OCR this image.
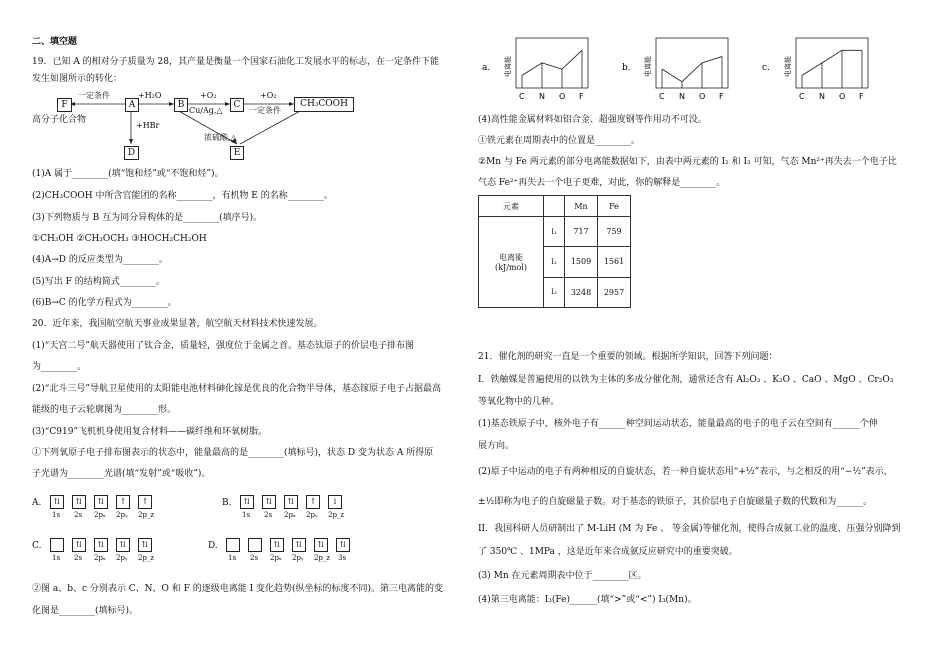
二、填空题
19．已知 A 的相对分子质量为 28，其产量是衡量一个国家石油化工发展水平的标志，在一定条件下能
发生如图所示的转化：
F	A	B	C	CH₃COOH
D	E
一定条件	+H₂O	+O₂
Cu/Ag,△
+O₂
一定条件
+HBr
浓硫酸,△
高分子化合物
(1)A 属于________(填“饱和烃”或“不饱和烃”)。
(2)CH₃COOH 中所含官能团的名称________，有机物 E 的名称________。
(3)下列物质与 B 互为同分异构体的是________(填序号)。
①CH₃OH ②CH₃OCH₃ ③HOCH₂CH₂OH
(4)A→D 的反应类型为________。
(5)写出 F 的结构简式________。
(6)B→C 的化学方程式为________。
20．近年来，我国航空航天事业成果显著，航空航天材料技术快速发展。
(1)“天宫二号”航天器使用了钛合金，质量轻，强度位于金属之首。基态钛原子的价层电子排布图
为________。
(2)“北斗三号”导航卫星使用的太阳能电池材料砷化镓是优良的化合物半导体，基态镓原子电子占据最高
能级的电子云轮廓图为________形。
(3)“C919”飞机机身使用复合材料——碳纤维和环氧树脂。
①下列氧原子电子排布图表示的状态中，能量最高的是________(填标号)，状态 D 变为状态 A 所得原
子光谱为________光谱(填“发射”或“吸收”)。
A.	⇅	⇅	⇅	↑	↑
1s 2s 2pₓ 2pᵧ 2p_z
B.	⇅	⇅	⇅	↑	↓
1s 2s 2pₓ 2pᵧ 2p_z
C.	⇅	⇅	⇅	⇅
1s 2s 2pₓ 2pᵧ 2p_z
D.	⇅	⇅	⇅	⇅
1s 2s 2pₓ 2pᵧ 2p_z 3s
②图 a、b、c 分别表示 C、N、O 和 F 的逐级电离能 I 变化趋势(纵坐标的标度不同)。第三电离能的变
化图是________(填标号)。
a. 电离能
C N O F
b. 电离能
C N O F
c. 电离能
C N O F
(4)高性能金属材料如铝合金、超强度钢等作用功不可没。
①铁元素在周期表中的位置是________。
②Mn 与 Fe 两元素的部分电离能数据如下，由表中两元素的 I₂ 和 I₃ 可知，气态 Mn²⁺再失去一个电子比
气态 Fe²⁺再失去一个电子更难，对此，你的解释是________。
元素		Mn	Fe
电离能
(kJ/mol)	I₁	717	759
	I₂	1509	1561
	I₃	3248	2957
21．催化剂的研究一直是一个重要的领域。根据所学知识，回答下列问题：
I．铁触媒是普遍使用的以铁为主体的多成分催化剂，通常还含有 Al₂O₃ 、K₂O 、CaO 、MgO 、Cr₂O₃
等氧化物中的几种。
(1)基态铁原子中，核外电子有______种空间运动状态，能量最高的电子的电子云在空间有______个伸
展方向。
(2)原子中运动的电子有两种相反的自旋状态，若一种自旋状态用“+½”表示，与之相反的用“−½”表示，
±½即称为电子的自旋磁量子数。对于基态的铁原子，其价层电子自旋磁量子数的代数和为______。
II．我国科研人员研制出了 M-LiH (M 为 Fe 、 等金属)等催化剂，使得合成氨工业的温度、压强分别降到
了 350℃ 、1MPa ，这是近年来合成氨反应研究中的重要突破。
(3) Mn 在元素周期表中位于________区。
(4)第三电离能：I₃(Fe)______(填“>”或“<”) I₃(Mn)。
